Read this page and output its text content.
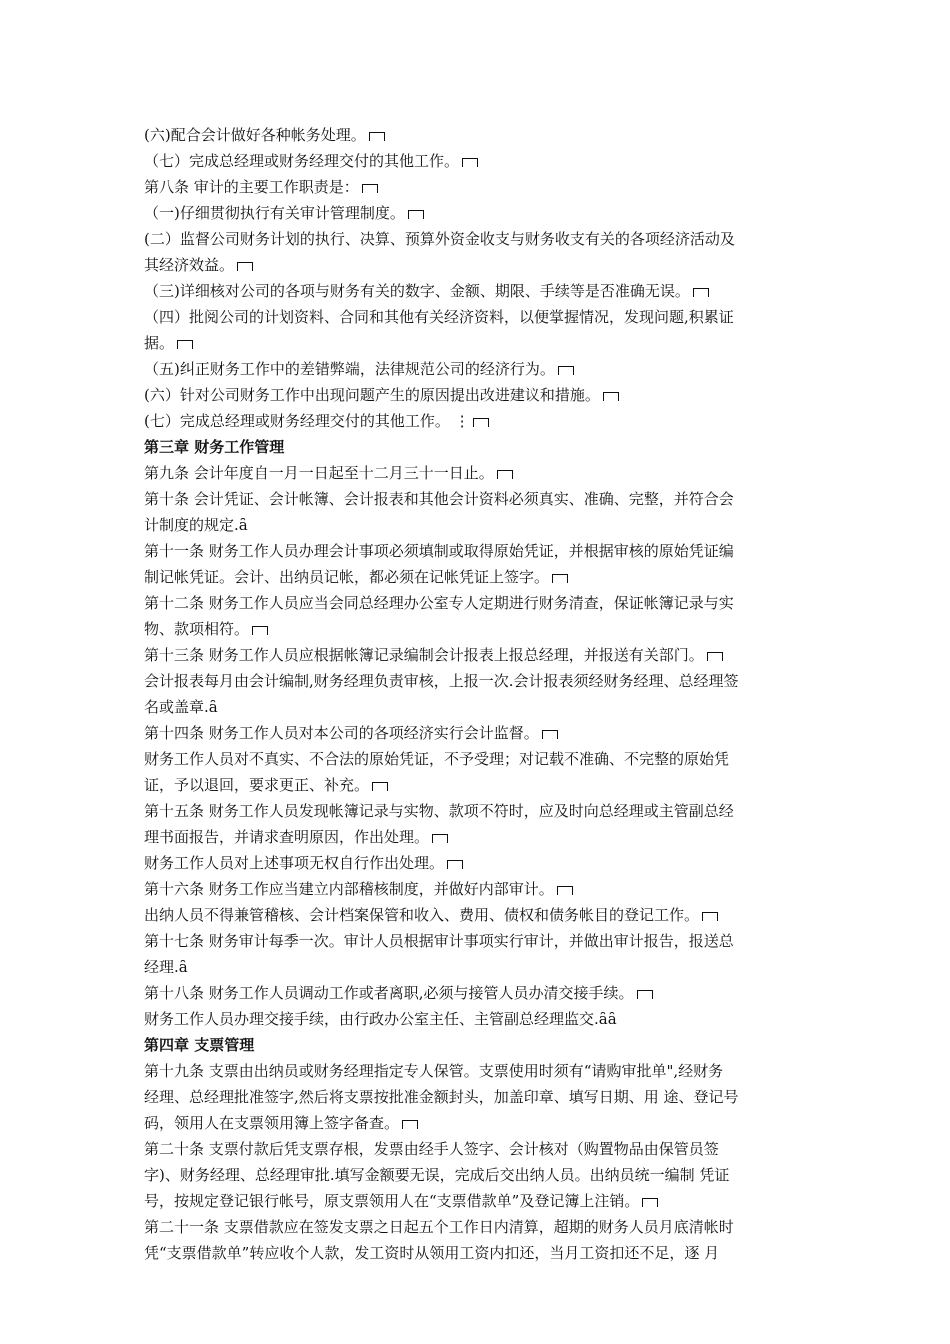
(六)配合会计做好各种帐务处理。
（七）完成总经理或财务经理交付的其他工作。
第八条 审计的主要工作职责是：
（一)仔细贯彻执行有关审计管理制度。
(二）监督公司财务计划的执行、决算、预算外资金收支与财务收支有关的各项经济活动及
其经济效益。
（三)详细核对公司的各项与财务有关的数字、金额、期限、手续等是否准确无误。
（四）批阅公司的计划资料、合同和其他有关经济资料，以便掌握情况，发现问题,积累证
据。
（五)纠正财务工作中的差错弊端，法律规范公司的经济行为。
(六）针对公司财务工作中出现问题产生的原因提出改进建议和措施。
(七）完成总经理或财务经理交付的其他工作。 ⋮
第三章 财务工作管理
第九条 会计年度自一月一日起至十二月三十一日止。
第十条 会计凭证、会计帐簿、会计报表和其他会计资料必须真实、准确、完整，并符合会
计制度的规定.ȃ
第十一条 财务工作人员办理会计事项必须填制或取得原始凭证，并根据审核的原始凭证编
制记帐凭证。会计、出纳员记帐，都必须在记帐凭证上签字。
第十二条 财务工作人员应当会同总经理办公室专人定期进行财务清查，保证帐簿记录与实
物、款项相符。
第十三条 财务工作人员应根据帐簿记录编制会计报表上报总经理，并报送有关部门。
会计报表每月由会计编制,财务经理负责审核，上报一次.会计报表须经财务经理、总经理签
名或盖章.ȃ
第十四条 财务工作人员对本公司的各项经济实行会计监督。
财务工作人员对不真实、不合法的原始凭证，不予受理；对记载不准确、不完整的原始凭
证，予以退回，要求更正、补充。
第十五条 财务工作人员发现帐簿记录与实物、款项不符时，应及时向总经理或主管副总经
理书面报告，并请求查明原因，作出处理。
财务工作人员对上述事项无权自行作出处理。
第十六条 财务工作应当建立内部稽核制度，并做好内部审计。
出纳人员不得兼管稽核、会计档案保管和收入、费用、债权和债务帐目的登记工作。
第十七条 财务审计每季一次。审计人员根据审计事项实行审计，并做出审计报告，报送总
经理.ȃ
第十八条 财务工作人员调动工作或者离职,必须与接管人员办清交接手续。
财务工作人员办理交接手续，由行政办公室主任、主管副总经理监交.ȃȃ
第四章 支票管理
第十九条 支票由出纳员或财务经理指定专人保管。支票使用时须有“请购审批单",经财务
经理、总经理批准签字,然后将支票按批准金额封头，加盖印章、填写日期、用 途、登记号
码，领用人在支票领用簿上签字备查。
第二十条 支票付款后凭支票存根，发票由经手人签字、会计核对（购置物品由保管员签
字)、财务经理、总经理审批.填写金额要无误，完成后交出纳人员。出纳员统一编制 凭证
号，按规定登记银行帐号，原支票领用人在“支票借款单”及登记簿上注销。
第二十一条 支票借款应在签发支票之日起五个工作日内清算，超期的财务人员月底清帐时
凭“支票借款单”转应收个人款，发工资时从领用工资内扣还，当月工资扣还不足，逐 月
